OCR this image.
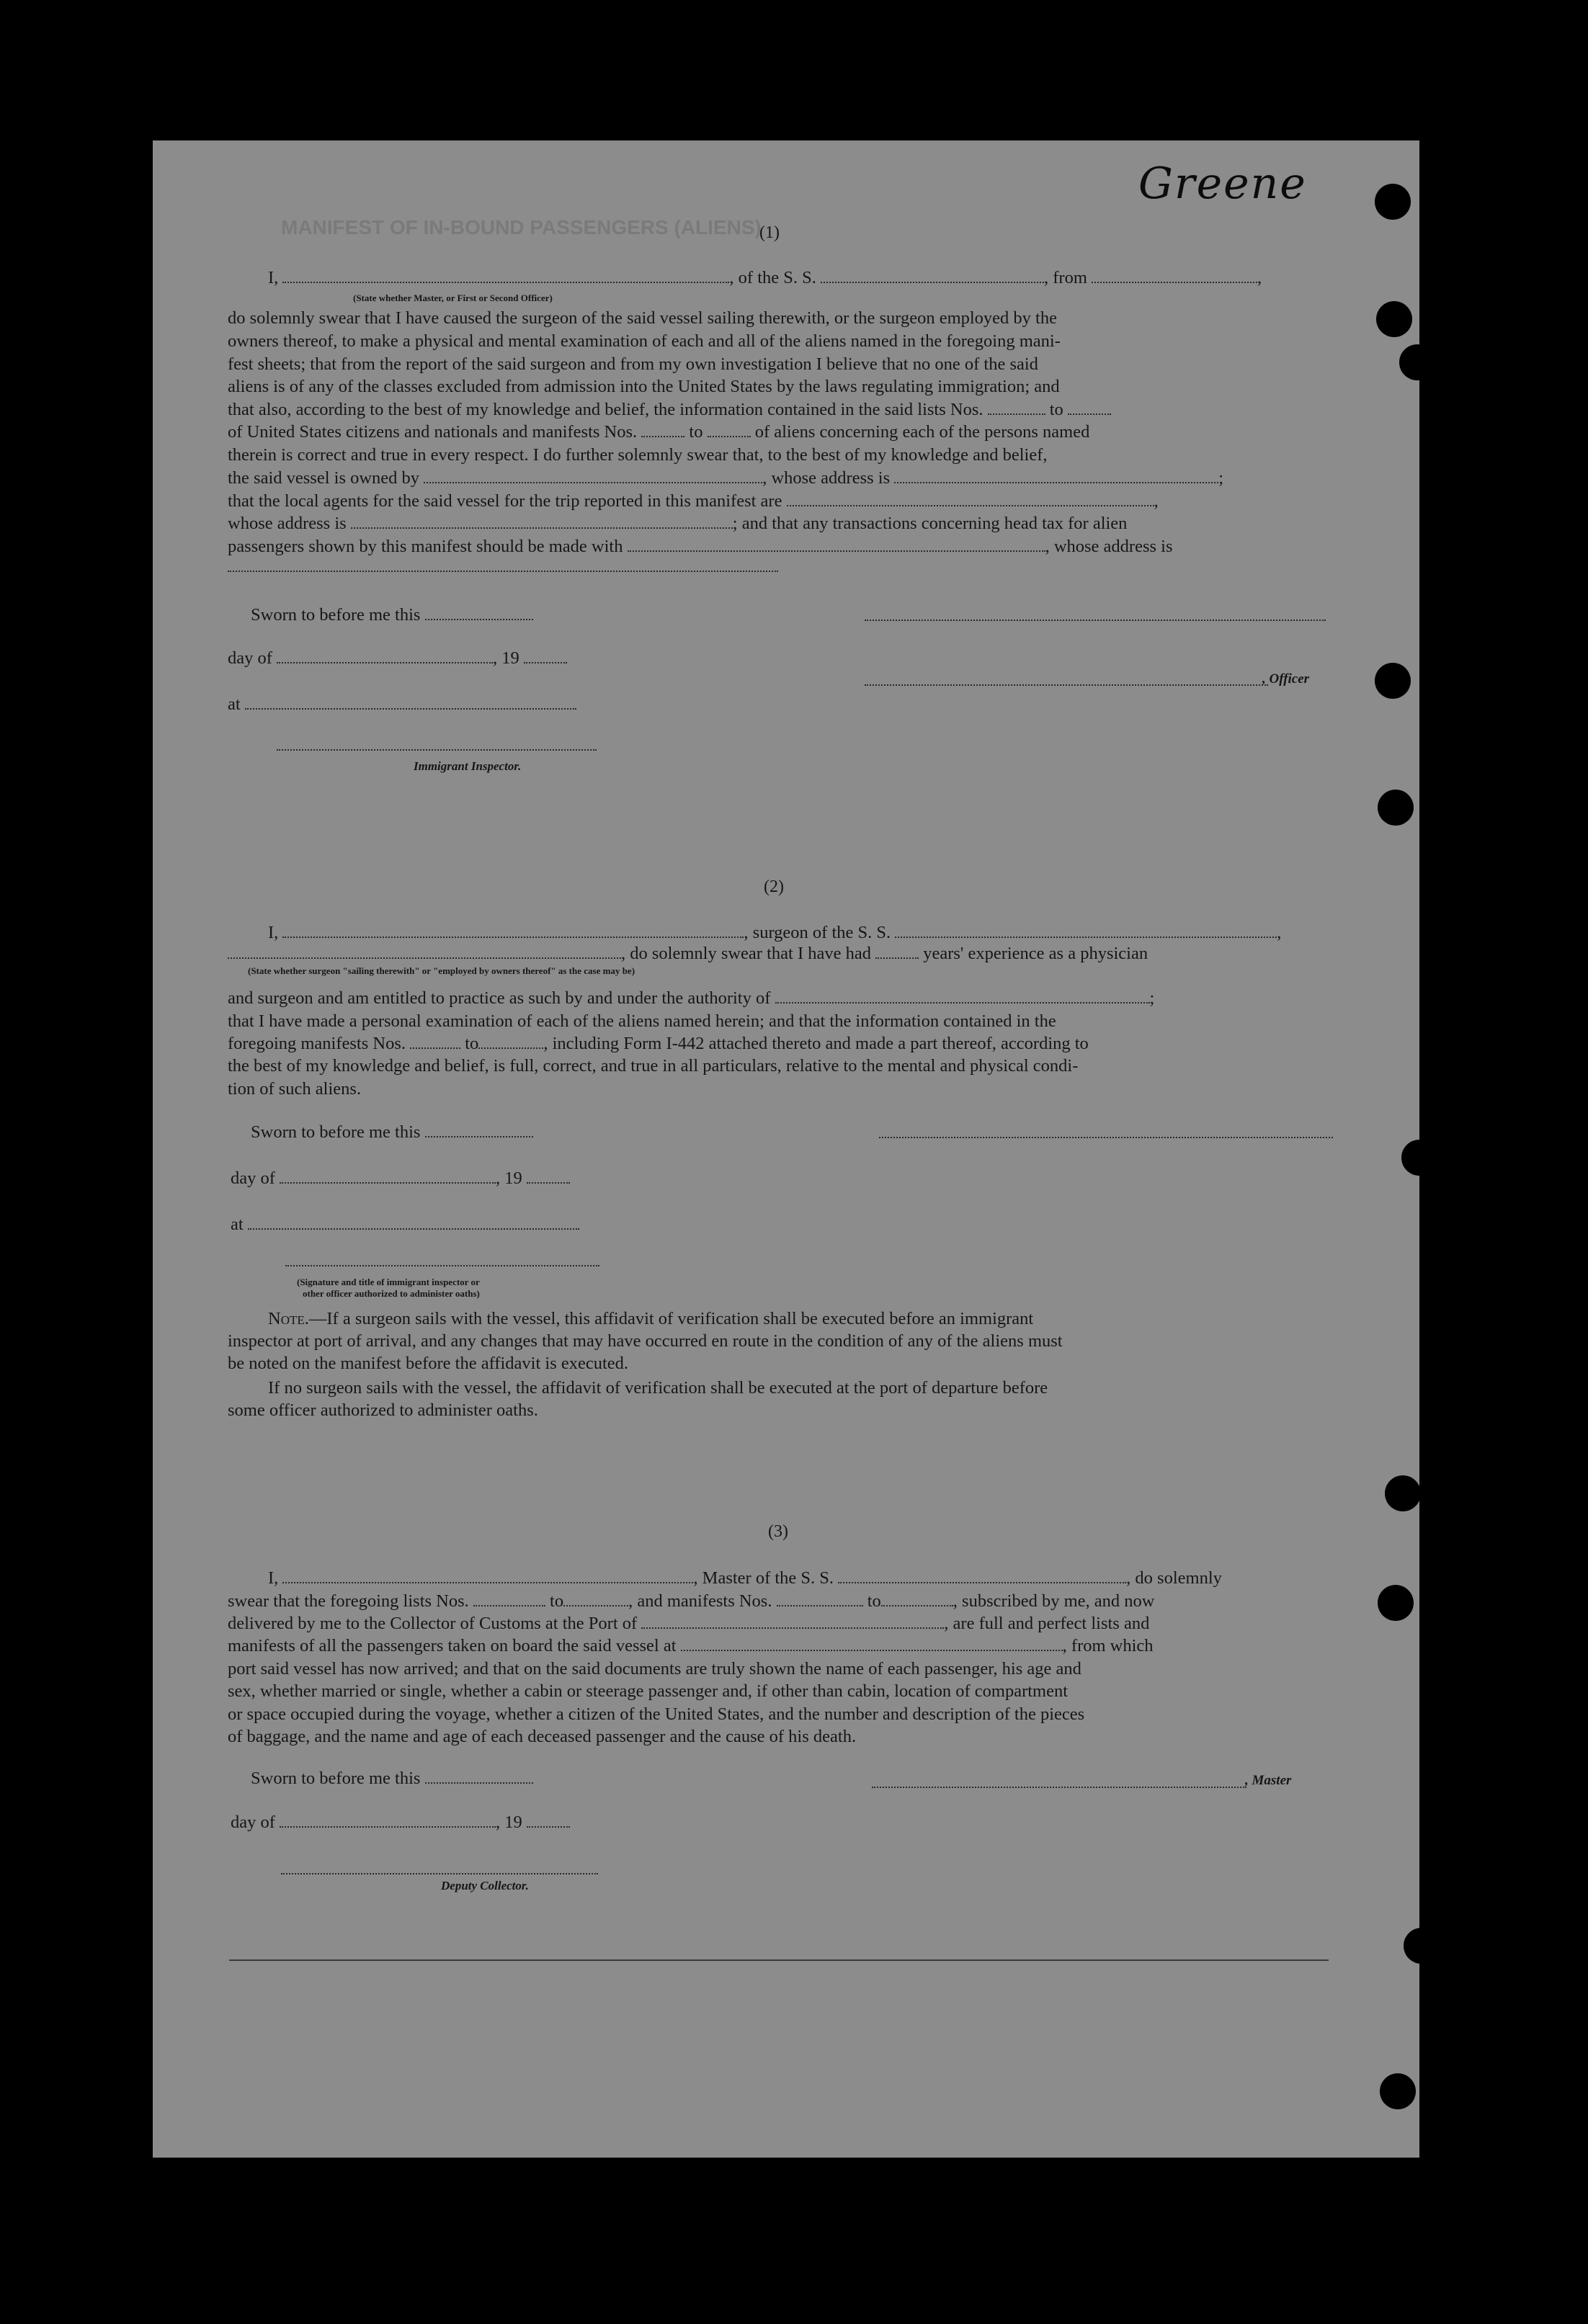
MANIFEST OF IN-BOUND PASSENGERS (ALIENS)
Greene
(1)
I,	, of the S. S.	, from	,
(State whether Master, or First or Second Officer)
do solemnly swear that I have caused the surgeon of the said vessel sailing therewith, or the surgeon employed by the
owners thereof, to make a physical and mental examination of each and all of the aliens named in the foregoing mani-
fest sheets; that from the report of the said surgeon and from my own investigation I believe that no one of the said
aliens is of any of the classes excluded from admission into the United States by the laws regulating immigration; and
that also, according to the best of my knowledge and belief, the information contained in the said lists Nos.	to
of United States citizens and nationals and manifests Nos.	to	of aliens concerning each of the persons named
therein is correct and true in every respect. I do further solemnly swear that, to the best of my knowledge and belief,
the said vessel is owned by	, whose address is	;
that the local agents for the said vessel for the trip reported in this manifest are	,
whose address is	; and that any transactions concerning head tax for alien
passengers shown by this manifest should be made with	, whose address is
Sworn to before me this
day of	, 19
, Officer
at
Immigrant Inspector.
(2)
I,	, surgeon of the S. S.	,
, do solemnly swear that I have had	years' experience as a physician
(State whether surgeon "sailing therewith" or "employed by owners thereof" as the case may be)
and surgeon and am entitled to practice as such by and under the authority of	;
that I have made a personal examination of each of the aliens named herein; and that the information contained in the
foregoing manifests Nos.	to	, including Form I-442 attached thereto and made a part thereof, according to
the best of my knowledge and belief, is full, correct, and true in all particulars, relative to the mental and physical condi-
tion of such aliens.
Sworn to before me this
day of	, 19
at
(Signature and title of immigrant inspector or
other officer authorized to administer oaths)
Note.—If a surgeon sails with the vessel, this affidavit of verification shall be executed before an immigrant
inspector at port of arrival, and any changes that may have occurred en route in the condition of any of the aliens must
be noted on the manifest before the affidavit is executed.
If no surgeon sails with the vessel, the affidavit of verification shall be executed at the port of departure before
some officer authorized to administer oaths.
(3)
I,	, Master of the S. S.	, do solemnly
swear that the foregoing lists Nos.	to	, and manifests Nos.	to	, subscribed by me, and now
delivered by me to the Collector of Customs at the Port of	, are full and perfect lists and
manifests of all the passengers taken on board the said vessel at	, from which
port said vessel has now arrived; and that on the said documents are truly shown the name of each passenger, his age and
sex, whether married or single, whether a cabin or steerage passenger and, if other than cabin, location of compartment
or space occupied during the voyage, whether a citizen of the United States, and the number and description of the pieces
of baggage, and the name and age of each deceased passenger and the cause of his death.
Sworn to before me this	, Master
day of	, 19
Deputy Collector.
